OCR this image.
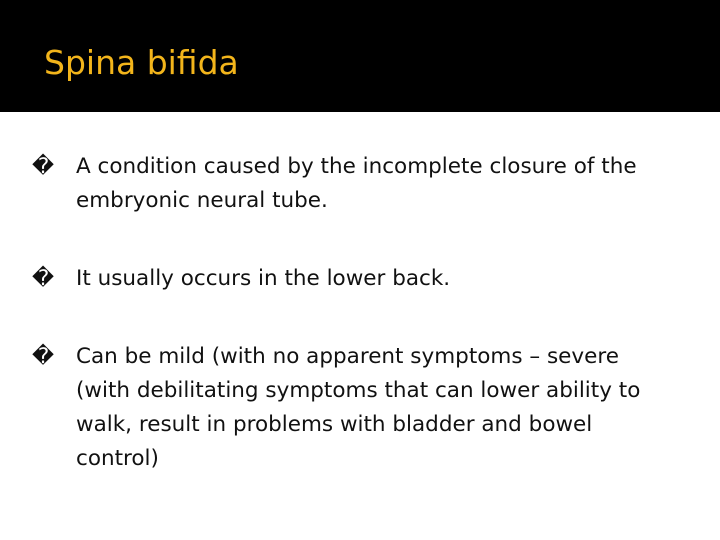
Spina bifida
�	A condition caused by the incomplete closure of the embryonic neural tube.
�	It usually occurs in the lower back.
�	Can be mild (with no apparent symptoms – severe (with debilitating symptoms that can lower ability to walk, result in problems with bladder and bowel control)
